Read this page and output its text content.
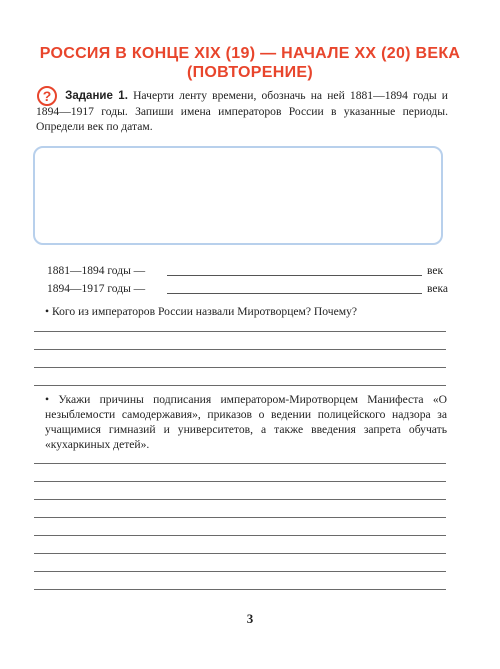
РОССИЯ В КОНЦЕ XIX (19) — НАЧАЛЕ XX (20) ВЕКА
(ПОВТОРЕНИЕ)
?	Задание 1. Начерти ленту времени, обозначь на ней 1881—1894 годы и 1894—1917 годы. Запиши имена императоров России в указанные периоды. Определи век по датам.
1881—1894 годы —	век
1894—1917 годы —	века
• Кого из императоров России назвали Миротворцем? Почему?
• Укажи причины подписания императором-Миротворцем Манифеста «О незыблемости самодержавия», приказов о ведении полицейского надзора за учащимися гимназий и университетов, а также введения запрета обучать «кухаркиных детей».
3
